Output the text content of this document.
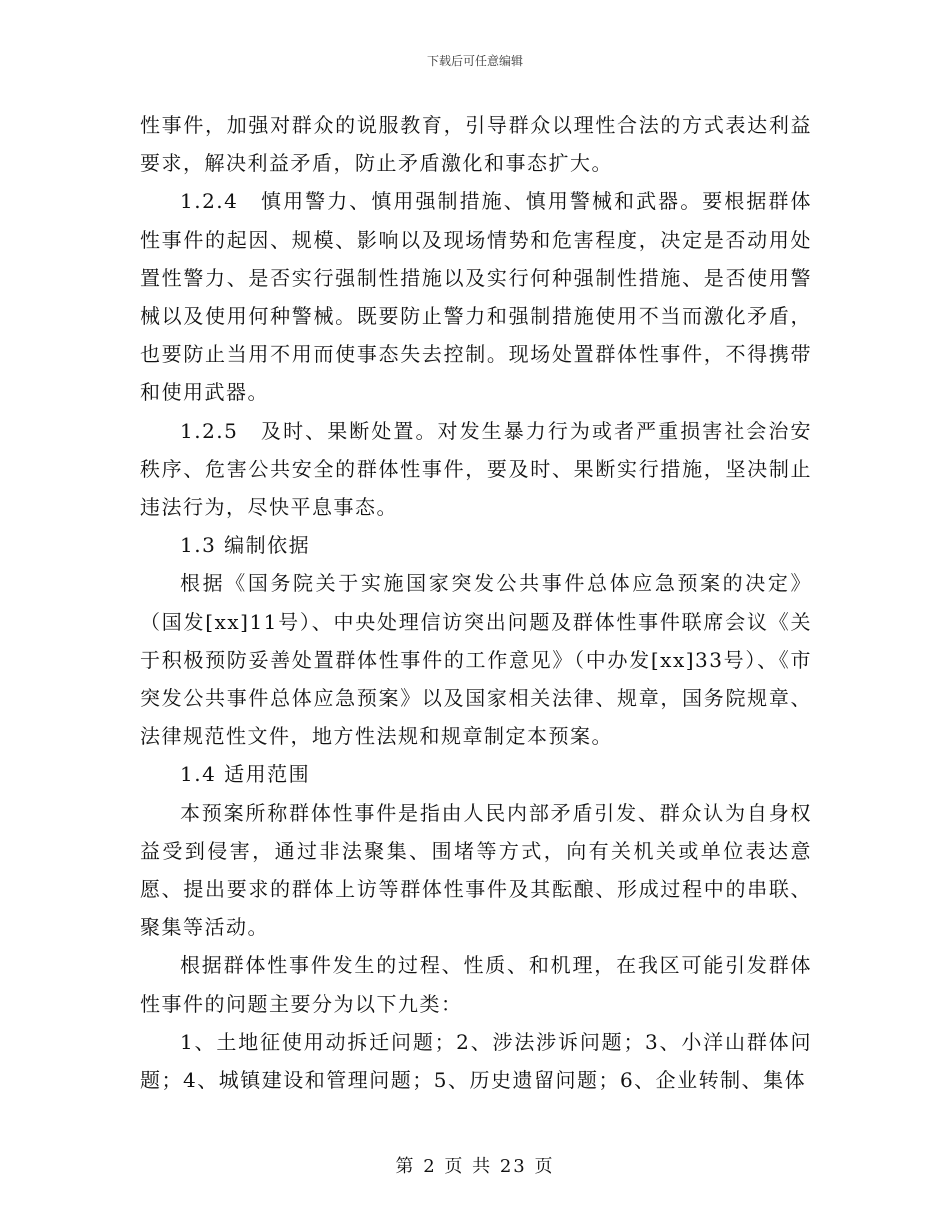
下载后可任意编辑

性事件，加强对群众的说服教育，引导群众以理性合法的方式表达利益要求，解决利益矛盾，防止矛盾激化和事态扩大。

1.2.4　慎用警力、慎用强制措施、慎用警械和武器。要根据群体性事件的起因、规模、影响以及现场情势和危害程度，决定是否动用处置性警力、是否实行强制性措施以及实行何种强制性措施、是否使用警械以及使用何种警械。既要防止警力和强制措施使用不当而激化矛盾，也要防止当用不用而使事态失去控制。现场处置群体性事件，不得携带和使用武器。

1.2.5　及时、果断处置。对发生暴力行为或者严重损害社会治安秩序、危害公共安全的群体性事件，要及时、果断实行措施，坚决制止违法行为，尽快平息事态。

1.3 编制依据

根据《国务院关于实施国家突发公共事件总体应急预案的决定》（国发[xx]11号）、中央处理信访突出问题及群体性事件联席会议《关于积极预防妥善处置群体性事件的工作意见》（中办发[xx]33号）、《市突发公共事件总体应急预案》以及国家相关法律、规章，国务院规章、法律规范性文件，地方性法规和规章制定本预案。

1.4 适用范围

本预案所称群体性事件是指由人民内部矛盾引发、群众认为自身权益受到侵害，通过非法聚集、围堵等方式，向有关机关或单位表达意愿、提出要求的群体上访等群体性事件及其酝酿、形成过程中的串联、聚集等活动。

根据群体性事件发生的过程、性质、和机理，在我区可能引发群体性事件的问题主要分为以下九类：

1、土地征使用动拆迁问题；2、涉法涉诉问题；3、小洋山群体问题；4、城镇建设和管理问题；5、历史遗留问题；6、企业转制、集体

第 2 页 共 23 页
